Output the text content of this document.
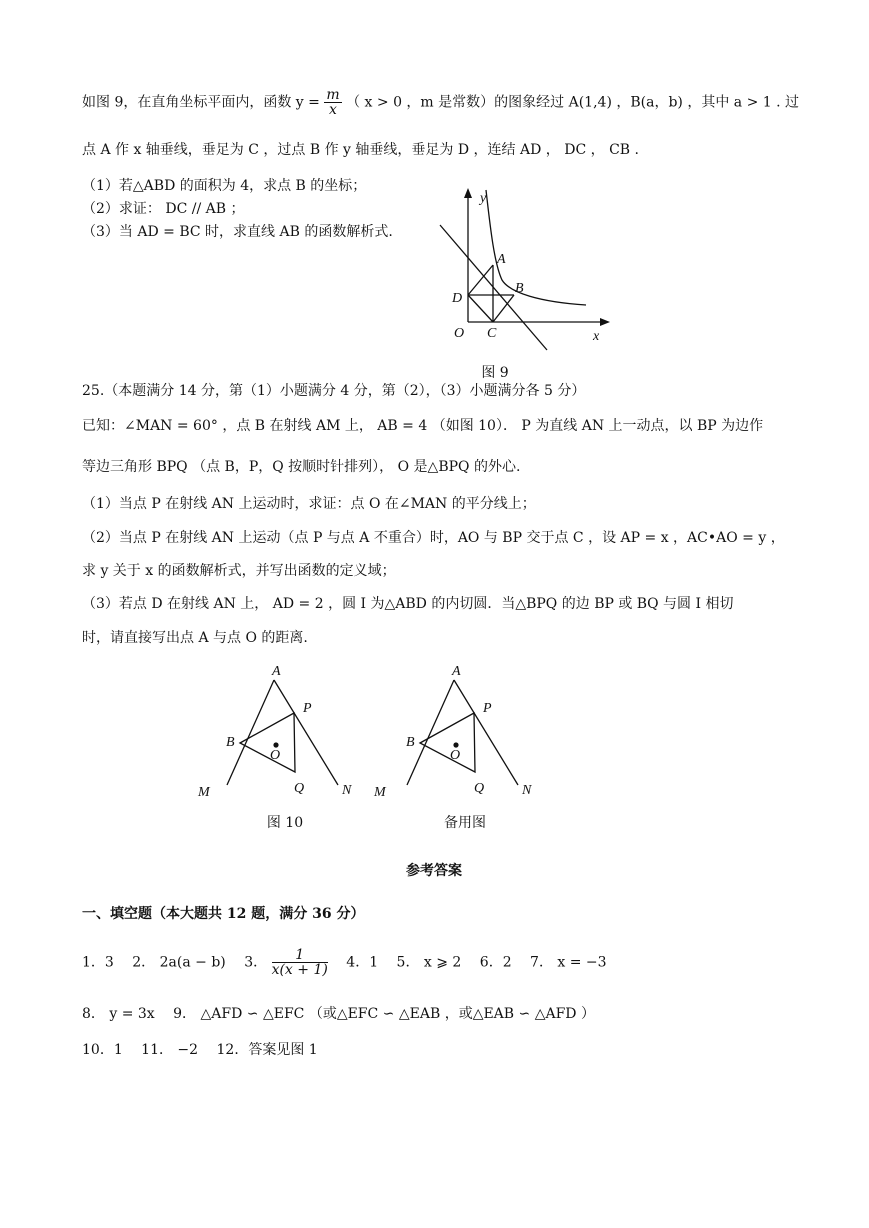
如图 9，在直角坐标平面内，函数 $y = \frac{m}{x}$ （ x > 0 ，m 是常数）的图象经过 A(1,4) ，B(a，b) ，其中 a > 1 . 过
点 A 作 x 轴垂线，垂足为 C ，过点 B 作 y 轴垂线，垂足为 D ，连结 AD ， DC ， CB .
（1）若△ABD 的面积为 4，求点 B 的坐标；
（2）求证： DC // AB ；
（3）当 AD = BC 时，求直线 AB 的函数解析式.
y
x
O
A
B
C
D
图 9
25.（本题满分 14 分，第（1）小题满分 4 分，第（2），（3）小题满分各 5 分）
已知：∠MAN = 60° ，点 B 在射线 AM 上， AB = 4 （如图 10）． P 为直线 AN 上一动点，以 BP 为边作
等边三角形 BPQ （点 B，P，Q 按顺时针排列）， O 是△BPQ 的外心.
（1）当点 P 在射线 AN 上运动时，求证：点 O 在∠MAN 的平分线上；
（2）当点 P 在射线 AN 上运动（点 P 与点 A 不重合）时，AO 与 BP 交于点 C ，设 AP = x ，AC•AO = y ，
求 y 关于 x 的函数解析式，并写出函数的定义域；
（3）若点 D 在射线 AN 上， AD = 2 ，圆 I 为△ABD 的内切圆．当△BPQ 的边 BP 或 BQ 与圆 I 相切
时，请直接写出点 A 与点 O 的距离.
A
P
B
O
Q
M	N
图 10
A
P
B
O
Q
M	N
备用图
参考答案
一、填空题（本大题共 12 题，满分 36 分）
1．3　 2． 2a(a − b)　 3． $\frac{1}{x(x + 1)}$ 　4．1　 5． x ⩾ 2　 6．2　 7． x = −3
8． y = 3x　 9． △AFD ∽ △EFC （或△EFC ∽ △EAB ，或△EAB ∽ △AFD ）
10．1　 11． −2　 12．答案见图 1
